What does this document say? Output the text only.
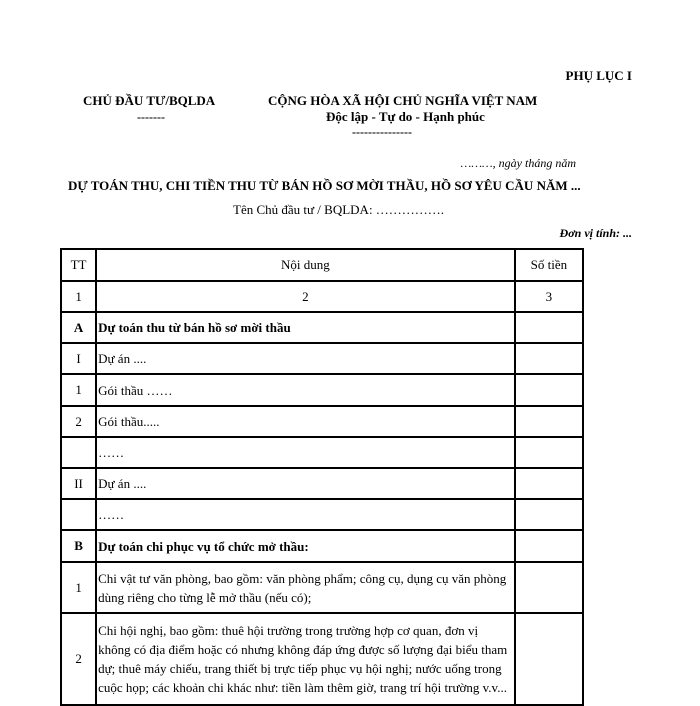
PHỤ LỤC I
CHỦ ĐẦU TƯ/BQLDA
-------
CỘNG HÒA XÃ HỘI CHỦ NGHĨA VIỆT NAM
Độc lập - Tự do - Hạnh phúc
---------------
………, ngày tháng năm
DỰ TOÁN THU, CHI TIỀN THU TỪ BÁN HỒ SƠ MỜI THẦU, HỒ SƠ YÊU CẦU NĂM ...
Tên Chủ đầu tư / BQLDA: …………….
Đơn vị tính: ...
TT	Nội dung	Số tiền
1	2	3
A	Dự toán thu từ bán hồ sơ mời thầu	
I	Dự án ....	
1	Gói thầu ……	
2	Gói thầu.....	
	……	
II	Dự án ....	
	……	
B	Dự toán chi phục vụ tổ chức mở thầu:	
1	Chi vật tư văn phòng, bao gồm: văn phòng phẩm; công cụ, dụng cụ văn phòng dùng riêng cho từng lễ mở thầu (nếu có);	
2	Chi hội nghị, bao gồm: thuê hội trường trong trường hợp cơ quan, đơn vị không có địa điểm hoặc có nhưng không đáp ứng được số lượng đại biểu tham dự; thuê máy chiếu, trang thiết bị trực tiếp phục vụ hội nghị; nước uống trong cuộc họp; các khoản chi khác như: tiền làm thêm giờ, trang trí hội trường v.v...	
